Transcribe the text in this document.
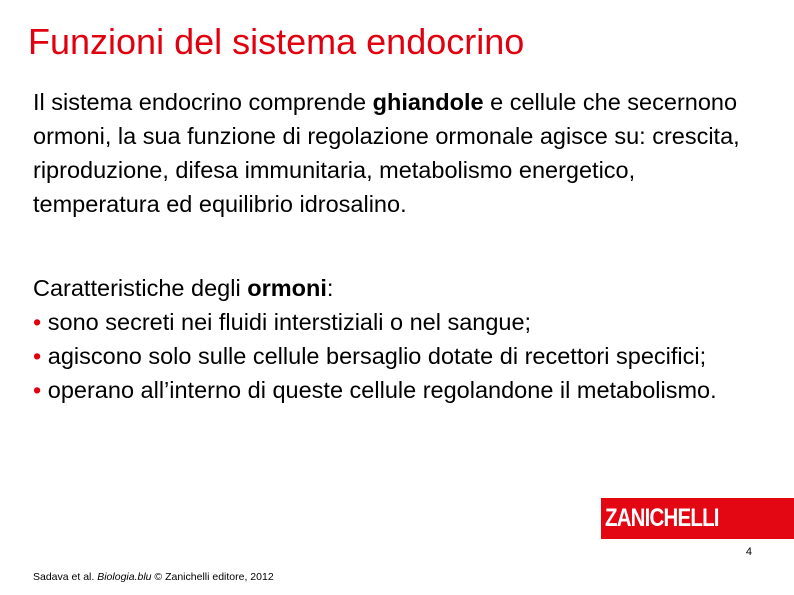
Funzioni del sistema endocrino

Il sistema endocrino comprende ghiandole e cellule che secernono ormoni, la sua funzione di regolazione ormonale agisce su: crescita, riproduzione, difesa immunitaria, metabolismo energetico, temperatura ed equilibrio idrosalino.

Caratteristiche degli ormoni:
• sono secreti nei fluidi interstiziali o nel sangue;
• agiscono solo sulle cellule bersaglio dotate di recettori specifici;
• operano all’interno di queste cellule regolandone il metabolismo.

ZANICHELLI
4
Sadava et al. Biologia.blu © Zanichelli editore, 2012
